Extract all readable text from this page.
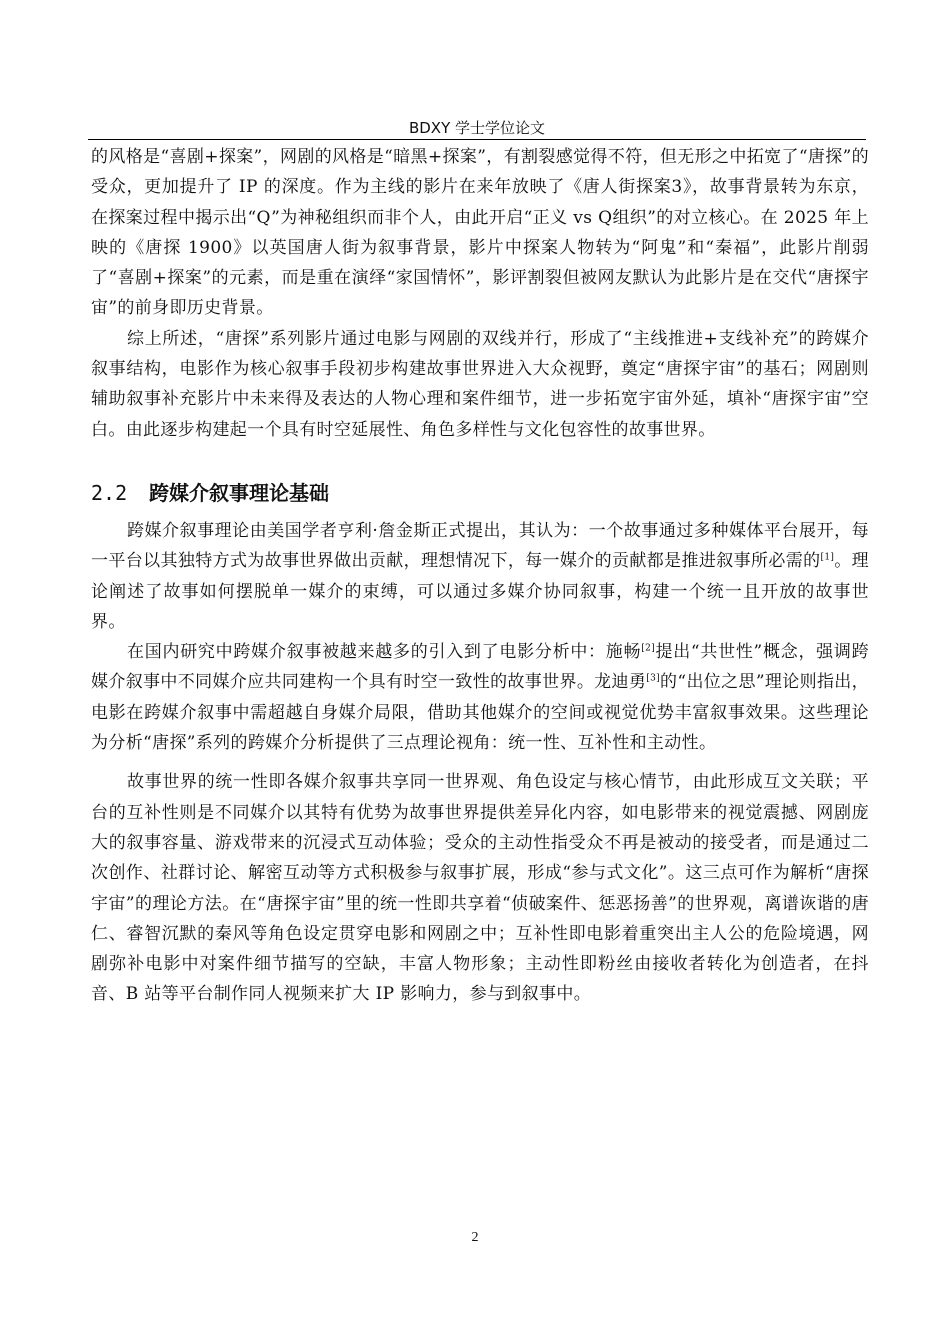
BDXY 学士学位论文

的风格是“喜剧+探案”，网剧的风格是“暗黑+探案”，有割裂感觉得不符，但无形之中拓宽了“唐探”的受众，更加提升了 IP 的深度。作为主线的影片在来年放映了《唐人街探案3》，故事背景转为东京，在探案过程中揭示出“Q”为神秘组织而非个人，由此开启“正义 vs Q组织”的对立核心。在 2025 年上映的《唐探 1900》以英国唐人街为叙事背景，影片中探案人物转为“阿鬼”和“秦福”，此影片削弱了“喜剧+探案”的元素，而是重在演绎“家国情怀”，影评割裂但被网友默认为此影片是在交代“唐探宇宙”的前身即历史背景。

综上所述，“唐探”系列影片通过电影与网剧的双线并行，形成了“主线推进+支线补充”的跨媒介叙事结构，电影作为核心叙事手段初步构建故事世界进入大众视野，奠定“唐探宇宙”的基石；网剧则辅助叙事补充影片中未来得及表达的人物心理和案件细节，进一步拓宽宇宙外延，填补“唐探宇宙”空白。由此逐步构建起一个具有时空延展性、角色多样性与文化包容性的故事世界。

2.2 跨媒介叙事理论基础

跨媒介叙事理论由美国学者亨利·詹金斯正式提出，其认为：一个故事通过多种媒体平台展开，每一平台以其独特方式为故事世界做出贡献，理想情况下，每一媒介的贡献都是推进叙事所必需的[1]。理论阐述了故事如何摆脱单一媒介的束缚，可以通过多媒介协同叙事，构建一个统一且开放的故事世界。

在国内研究中跨媒介叙事被越来越多的引入到了电影分析中：施畅[2]提出“共世性”概念，强调跨媒介叙事中不同媒介应共同建构一个具有时空一致性的故事世界。龙迪勇[3]的“出位之思”理论则指出，电影在跨媒介叙事中需超越自身媒介局限，借助其他媒介的空间或视觉优势丰富叙事效果。这些理论为分析“唐探”系列的跨媒介分析提供了三点理论视角：统一性、互补性和主动性。

故事世界的统一性即各媒介叙事共享同一世界观、角色设定与核心情节，由此形成互文关联；平台的互补性则是不同媒介以其特有优势为故事世界提供差异化内容，如电影带来的视觉震撼、网剧庞大的叙事容量、游戏带来的沉浸式互动体验；受众的主动性指受众不再是被动的接受者，而是通过二次创作、社群讨论、解密互动等方式积极参与叙事扩展，形成“参与式文化”。这三点可作为解析“唐探宇宙”的理论方法。在“唐探宇宙”里的统一性即共享着“侦破案件、惩恶扬善”的世界观，离谱诙谐的唐仁、睿智沉默的秦风等角色设定贯穿电影和网剧之中；互补性即电影着重突出主人公的危险境遇，网剧弥补电影中对案件细节描写的空缺，丰富人物形象；主动性即粉丝由接收者转化为创造者，在抖音、B 站等平台制作同人视频来扩大 IP 影响力，参与到叙事中。

2
